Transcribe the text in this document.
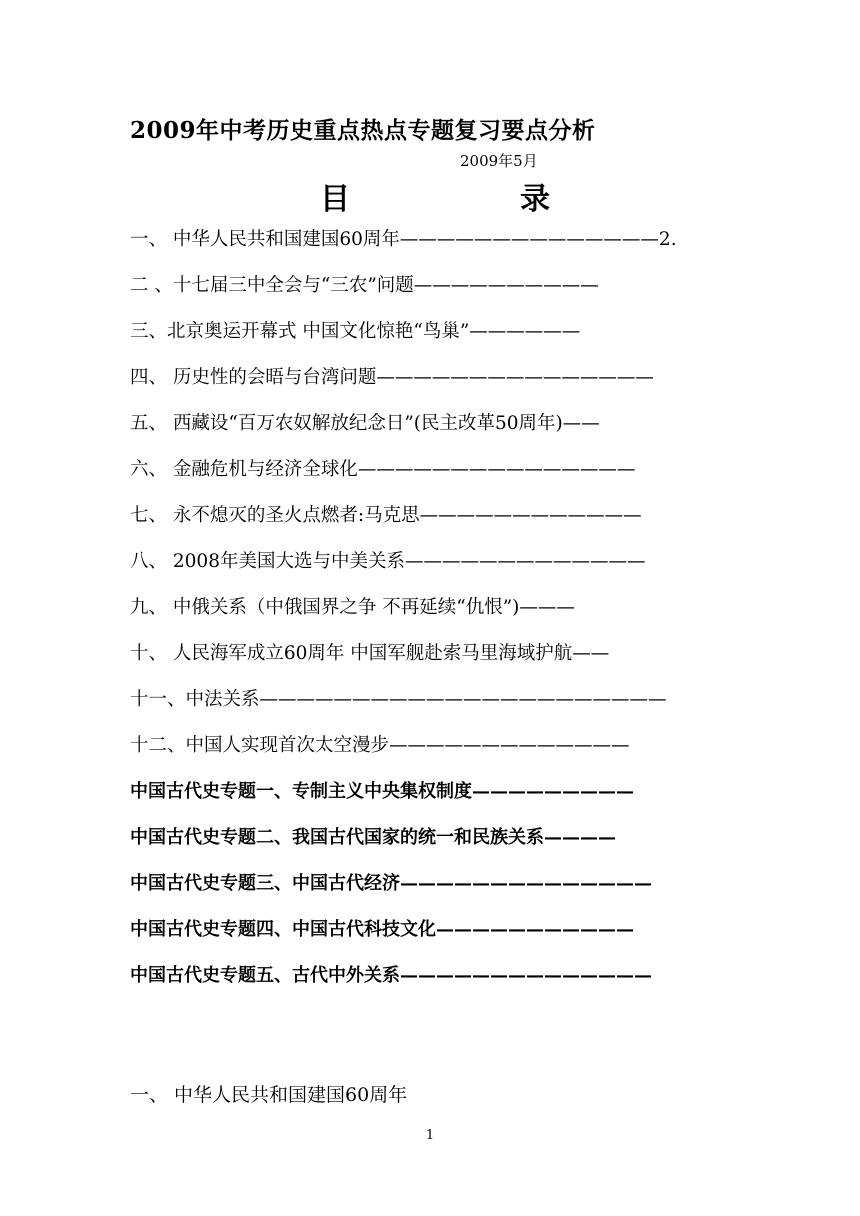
2009年中考历史重点热点专题复习要点分析
2009年5月
目	录
一、 中华人民共和国建国60周年——————————————2.
二 、十七届三中全会与“三农”问题——————————
三、北京奥运开幕式 中国文化惊艳“鸟巢”——————
四、 历史性的会晤与台湾问题———————————————
五、 西藏设“百万农奴解放纪念日”(民主改革50周年)——
六、 金融危机与经济全球化———————————————
七、 永不熄灭的圣火点燃者:马克思————————————
八、 2008年美国大选与中美关系—————————————
九、 中俄关系（中俄国界之争 不再延续“仇恨”)———
十、 人民海军成立60周年 中国军舰赴索马里海域护航——
十一、中法关系——————————————————————
十二、中国人实现首次太空漫步—————————————
中国古代史专题一、专制主义中央集权制度—————————
中国古代史专题二、我国古代国家的统一和民族关系————
中国古代史专题三、中国古代经济——————————————
中国古代史专题四、中国古代科技文化———————————
中国古代史专题五、古代中外关系——————————————
一、 中华人民共和国建国60周年
1
